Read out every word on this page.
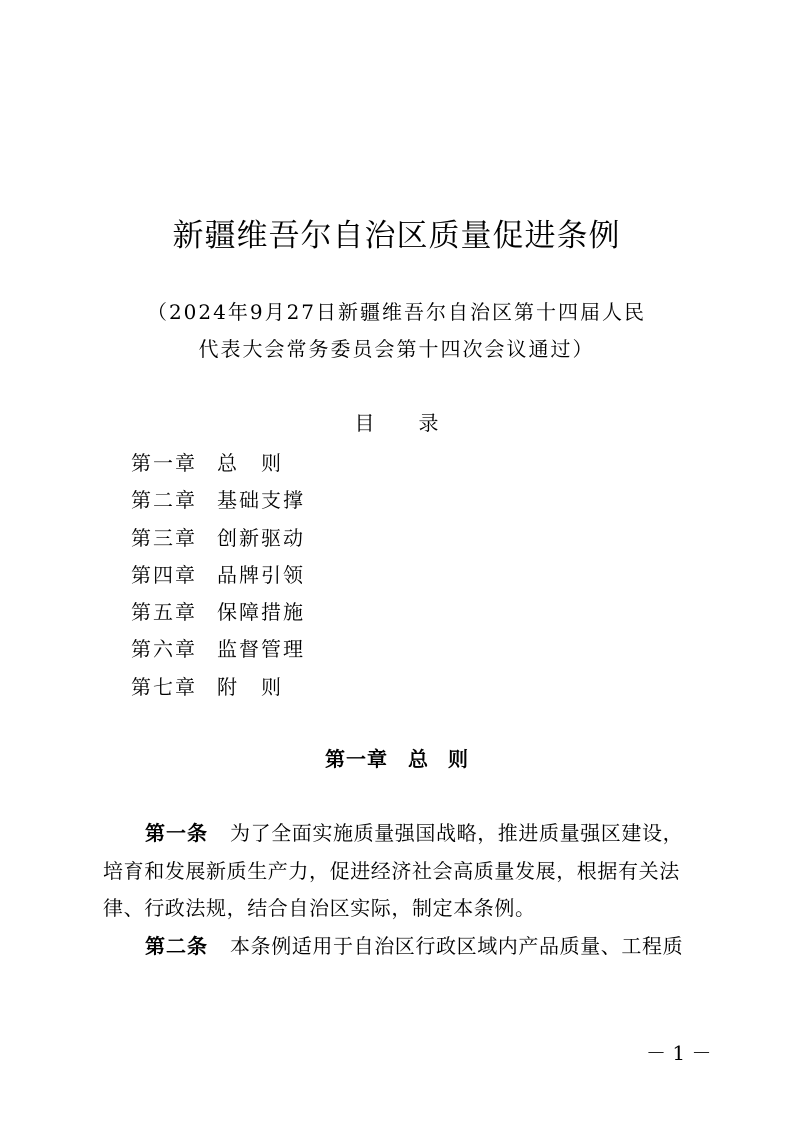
新疆维吾尔自治区质量促进条例
（2024年9月27日新疆维吾尔自治区第十四届人民
代表大会常务委员会第十四次会议通过）
目 录
第一章 总　则
第二章 基础支撑
第三章 创新驱动
第四章 品牌引领
第五章 保障措施
第六章 监督管理
第七章 附　则
第一章 总　则
第一条 为了全面实施质量强国战略，推进质量强区建设，
培育和发展新质生产力，促进经济社会高质量发展，根据有关法
律、行政法规，结合自治区实际，制定本条例。
第二条 本条例适用于自治区行政区域内产品质量、工程质
－ 1 －
